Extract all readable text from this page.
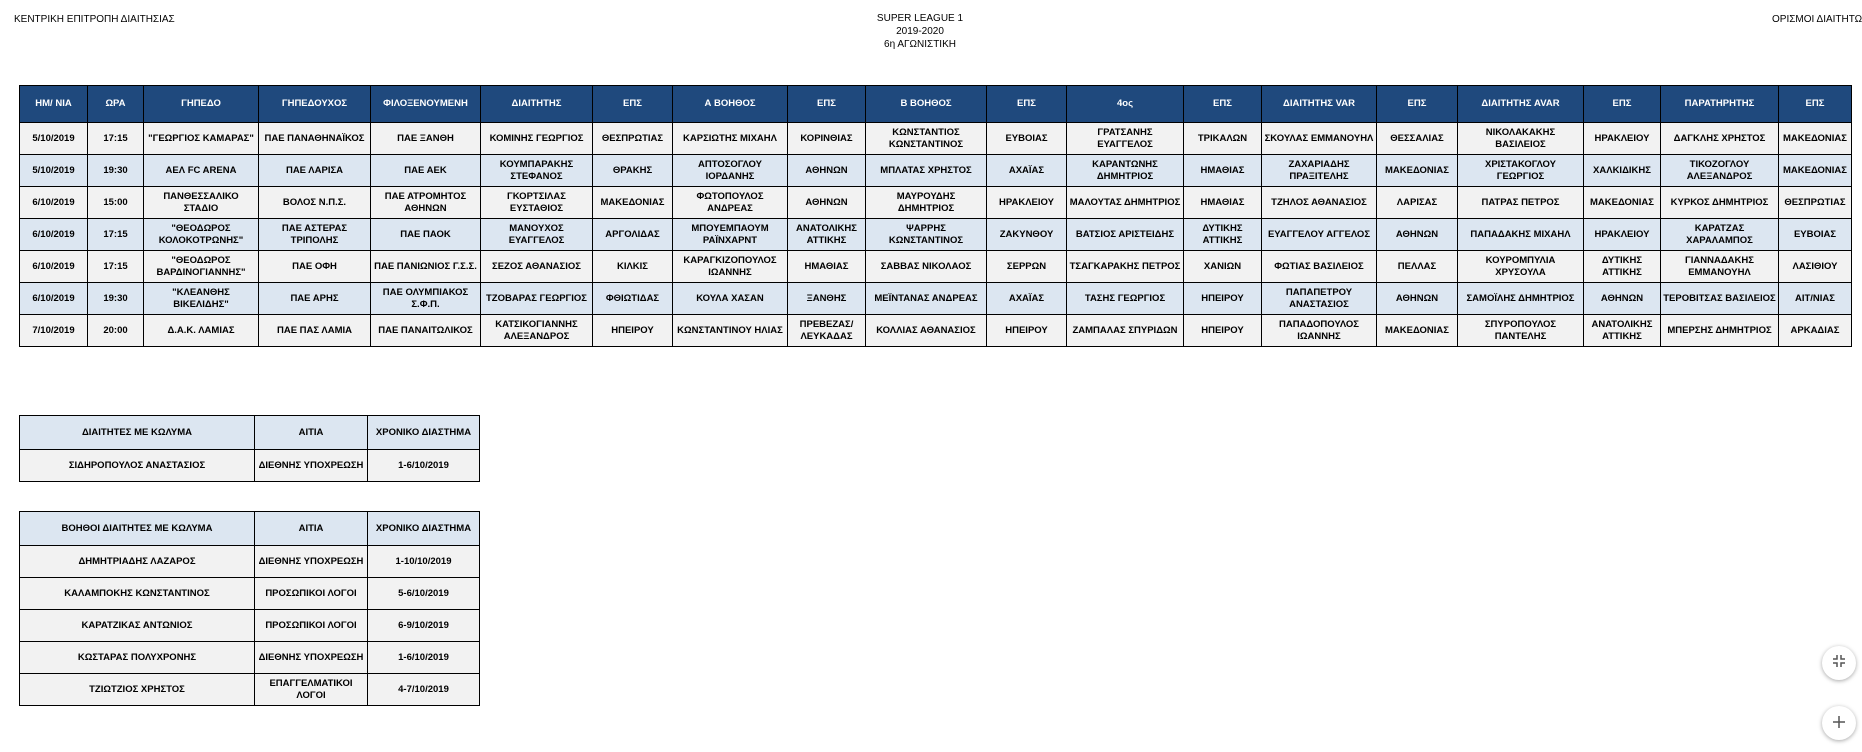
ΚΕΝΤΡΙΚΗ ΕΠΙΤΡΟΠΗ ΔΙΑΙΤΗΣΙΑΣ	SUPER LEAGUE 1
2019-2020
6η ΑΓΩΝΙΣΤΙΚΗ
ΟΡΙΣΜΟΙ ΔΙΑΙΤΗΤΩ
ΗΜ/ ΝΙΑ	ΩΡΑ	ΓΗΠΕΔΟ	ΓΗΠΕΔΟΥΧΟΣ	ΦΙΛΟΞΕΝΟΥΜΕΝΗ	ΔΙΑΙΤΗΤΗΣ	ΕΠΣ	Α ΒΟΗΘΟΣ	ΕΠΣ	Β ΒΟΗΘΟΣ	ΕΠΣ	4ος	ΕΠΣ	ΔΙΑΙΤΗΤΗΣ VAR	ΕΠΣ	ΔΙΑΙΤΗΤΗΣ AVAR	ΕΠΣ	ΠΑΡΑΤΗΡΗΤΗΣ	ΕΠΣ
5/10/2019	17:15	"ΓΕΩΡΓΙΟΣ ΚΑΜΑΡΑΣ"	ΠΑΕ ΠΑΝΑΘΗΝΑΪΚΟΣ	ΠΑΕ ΞΑΝΘΗ	ΚΟΜΙΝΗΣ ΓΕΩΡΓΙΟΣ	ΘΕΣΠΡΩΤΙΑΣ	ΚΑΡΣΙΩΤΗΣ ΜΙΧΑΗΛ	ΚΟΡΙΝΘΙΑΣ	ΚΩΝΣΤΑΝΤΙΟΣ ΚΩΝΣΤΑΝΤΙΝΟΣ	ΕΥΒΟΙΑΣ	ΓΡΑΤΣΑΝΗΣ ΕΥΑΓΓΕΛΟΣ	ΤΡΙΚΑΛΩΝ	ΣΚΟΥΛΑΣ ΕΜΜΑΝΟΥΗΛ	ΘΕΣΣΑΛΙΑΣ	ΝΙΚΟΛΑΚΑΚΗΣ ΒΑΣΙΛΕΙΟΣ	ΗΡΑΚΛΕΙΟΥ	ΔΑΓΚΛΗΣ ΧΡΗΣΤΟΣ	ΜΑΚΕΔΟΝΙΑΣ
5/10/2019	19:30	ΑΕΛ FC ARENA	ΠΑΕ ΛΑΡΙΣΑ	ΠΑΕ ΑΕΚ	ΚΟΥΜΠΑΡΑΚΗΣ ΣΤΕΦΑΝΟΣ	ΘΡΑΚΗΣ	ΑΠΤΟΣΟΓΛΟΥ ΙΟΡΔΑΝΗΣ	ΑΘΗΝΩΝ	ΜΠΛΑΤΑΣ ΧΡΗΣΤΟΣ	ΑΧΑΪΑΣ	ΚΑΡΑΝΤΩΝΗΣ ΔΗΜΗΤΡΙΟΣ	ΗΜΑΘΙΑΣ	ΖΑΧΑΡΙΑΔΗΣ ΠΡΑΞΙΤΕΛΗΣ	ΜΑΚΕΔΟΝΙΑΣ	ΧΡΙΣΤΑΚΟΓΛΟΥ ΓΕΩΡΓΙΟΣ	ΧΑΛΚΙΔΙΚΗΣ	ΤΙΚΟΖΟΓΛΟΥ ΑΛΕΞΑΝΔΡΟΣ	ΜΑΚΕΔΟΝΙΑΣ
6/10/2019	15:00	ΠΑΝΘΕΣΣΑΛΙΚΟ ΣΤΑΔΙΟ	ΒΟΛΟΣ Ν.Π.Σ.	ΠΑΕ ΑΤΡΟΜΗΤΟΣ ΑΘΗΝΩΝ	ΓΚΟΡΤΣΙΛΑΣ ΕΥΣΤΑΘΙΟΣ	ΜΑΚΕΔΟΝΙΑΣ	ΦΩΤΟΠΟΥΛΟΣ ΑΝΔΡΕΑΣ	ΑΘΗΝΩΝ	ΜΑΥΡΟΥΔΗΣ ΔΗΜΗΤΡΙΟΣ	ΗΡΑΚΛΕΙΟΥ	ΜΑΛΟΥΤΑΣ ΔΗΜΗΤΡΙΟΣ	ΗΜΑΘΙΑΣ	ΤΖΗΛΟΣ ΑΘΑΝΑΣΙΟΣ	ΛΑΡΙΣΑΣ	ΠΑΤΡΑΣ ΠΕΤΡΟΣ	ΜΑΚΕΔΟΝΙΑΣ	ΚΥΡΚΟΣ ΔΗΜΗΤΡΙΟΣ	ΘΕΣΠΡΩΤΙΑΣ
6/10/2019	17:15	"ΘΕΟΔΩΡΟΣ ΚΟΛΟΚΟΤΡΩΝΗΣ"	ΠΑΕ ΑΣΤΕΡΑΣ ΤΡΙΠΟΛΗΣ	ΠΑΕ ΠΑΟΚ	ΜΑΝΟΥΧΟΣ ΕΥΑΓΓΕΛΟΣ	ΑΡΓΟΛΙΔΑΣ	ΜΠΟΥΕΜΠΑΟΥΜ ΡΑΪΝΧΑΡΝΤ	ΑΝΑΤΟΛΙΚΗΣ ΑΤΤΙΚΗΣ	ΨΑΡΡΗΣ ΚΩΝΣΤΑΝΤΙΝΟΣ	ΖΑΚΥΝΘΟΥ	ΒΑΤΣΙΟΣ ΑΡΙΣΤΕΙΔΗΣ	ΔΥΤΙΚΗΣ ΑΤΤΙΚΗΣ	ΕΥΑΓΓΕΛΟΥ ΑΓΓΕΛΟΣ	ΑΘΗΝΩΝ	ΠΑΠΑΔΑΚΗΣ ΜΙΧΑΗΛ	ΗΡΑΚΛΕΙΟΥ	ΚΑΡΑΤΖΑΣ ΧΑΡΑΛΑΜΠΟΣ	ΕΥΒΟΙΑΣ
6/10/2019	17:15	"ΘΕΟΔΩΡΟΣ ΒΑΡΔΙΝΟΓΙΑΝΝΗΣ"	ΠΑΕ ΟΦΗ	ΠΑΕ ΠΑΝΙΩΝΙΟΣ Γ.Σ.Σ.	ΣΕΖΟΣ ΑΘΑΝΑΣΙΟΣ	ΚΙΛΚΙΣ	ΚΑΡΑΓΚΙΖΟΠΟΥΛΟΣ ΙΩΑΝΝΗΣ	ΗΜΑΘΙΑΣ	ΣΑΒΒΑΣ ΝΙΚΟΛΑΟΣ	ΣΕΡΡΩΝ	ΤΣΑΓΚΑΡΑΚΗΣ ΠΕΤΡΟΣ	ΧΑΝΙΩΝ	ΦΩΤΙΑΣ ΒΑΣΙΛΕΙΟΣ	ΠΕΛΛΑΣ	ΚΟΥΡΟΜΠΥΛΙΑ ΧΡΥΣΟΥΛΑ	ΔΥΤΙΚΗΣ ΑΤΤΙΚΗΣ	ΓΙΑΝΝΑΔΑΚΗΣ ΕΜΜΑΝΟΥΗΛ	ΛΑΣΙΘΙΟΥ
6/10/2019	19:30	"ΚΛΕΑΝΘΗΣ ΒΙΚΕΛΙΔΗΣ"	ΠΑΕ ΑΡΗΣ	ΠΑΕ ΟΛΥΜΠΙΑΚΟΣ Σ.Φ.Π.	ΤΖΟΒΑΡΑΣ ΓΕΩΡΓΙΟΣ	ΦΘΙΩΤΙΔΑΣ	ΚΟΥΛΑ ΧΑΣΑΝ	ΞΑΝΘΗΣ	ΜΕΪΝΤΑΝΑΣ ΑΝΔΡΕΑΣ	ΑΧΑΪΑΣ	ΤΑΣΗΣ ΓΕΩΡΓΙΟΣ	ΗΠΕΙΡΟΥ	ΠΑΠΑΠΕΤΡΟΥ ΑΝΑΣΤΑΣΙΟΣ	ΑΘΗΝΩΝ	ΣΑΜΟΪΛΗΣ ΔΗΜΗΤΡΙΟΣ	ΑΘΗΝΩΝ	ΤΕΡΟΒΙΤΣΑΣ ΒΑΣΙΛΕΙΟΣ	ΑΙΤ/ΝΙΑΣ
7/10/2019	20:00	Δ.Α.Κ. ΛΑΜΙΑΣ	ΠΑΕ ΠΑΣ ΛΑΜΙΑ	ΠΑΕ ΠΑΝΑΙΤΩΛΙΚΟΣ	ΚΑΤΣΙΚΟΓΙΑΝΝΗΣ ΑΛΕΞΑΝΔΡΟΣ	ΗΠΕΙΡΟΥ	ΚΩΝΣΤΑΝΤΙΝΟΥ ΗΛΙΑΣ	ΠΡΕΒΕΖΑΣ/ ΛΕΥΚΑΔΑΣ	ΚΟΛΛΙΑΣ ΑΘΑΝΑΣΙΟΣ	ΗΠΕΙΡΟΥ	ΖΑΜΠΑΛΑΣ ΣΠΥΡΙΔΩΝ	ΗΠΕΙΡΟΥ	ΠΑΠΑΔΟΠΟΥΛΟΣ ΙΩΑΝΝΗΣ	ΜΑΚΕΔΟΝΙΑΣ	ΣΠΥΡΟΠΟΥΛΟΣ ΠΑΝΤΕΛΗΣ	ΑΝΑΤΟΛΙΚΗΣ ΑΤΤΙΚΗΣ	ΜΠΕΡΣΗΣ ΔΗΜΗΤΡΙΟΣ	ΑΡΚΑΔΙΑΣ
ΔΙΑΙΤΗΤΕΣ ΜΕ ΚΩΛΥΜΑ	ΑΙΤΙΑ	ΧΡΟΝΙΚΟ ΔΙΑΣΤΗΜΑ
ΣΙΔΗΡΟΠΟΥΛΟΣ ΑΝΑΣΤΑΣΙΟΣ	ΔΙΕΘΝΗΣ ΥΠΟΧΡΕΩΣΗ	1-6/10/2019
ΒΟΗΘΟΙ ΔΙΑΙΤΗΤΕΣ ΜΕ ΚΩΛΥΜΑ	ΑΙΤΙΑ	ΧΡΟΝΙΚΟ ΔΙΑΣΤΗΜΑ
ΔΗΜΗΤΡΙΑΔΗΣ ΛΑΖΑΡΟΣ	ΔΙΕΘΝΗΣ ΥΠΟΧΡΕΩΣΗ	1-10/10/2019
ΚΑΛΑΜΠΟΚΗΣ ΚΩΝΣΤΑΝΤΙΝΟΣ	ΠΡΟΣΩΠΙΚΟΙ ΛΟΓΟΙ	5-6/10/2019
ΚΑΡΑΤΖΙΚΑΣ ΑΝΤΩΝΙΟΣ	ΠΡΟΣΩΠΙΚΟΙ ΛΟΓΟΙ	6-9/10/2019
ΚΩΣΤΑΡΑΣ ΠΟΛΥΧΡΟΝΗΣ	ΔΙΕΘΝΗΣ ΥΠΟΧΡΕΩΣΗ	1-6/10/2019
ΤΖΙΩΤΖΙΟΣ ΧΡΗΣΤΟΣ	ΕΠΑΓΓΕΛΜΑΤΙΚΟΙ ΛΟΓΟΙ	4-7/10/2019
